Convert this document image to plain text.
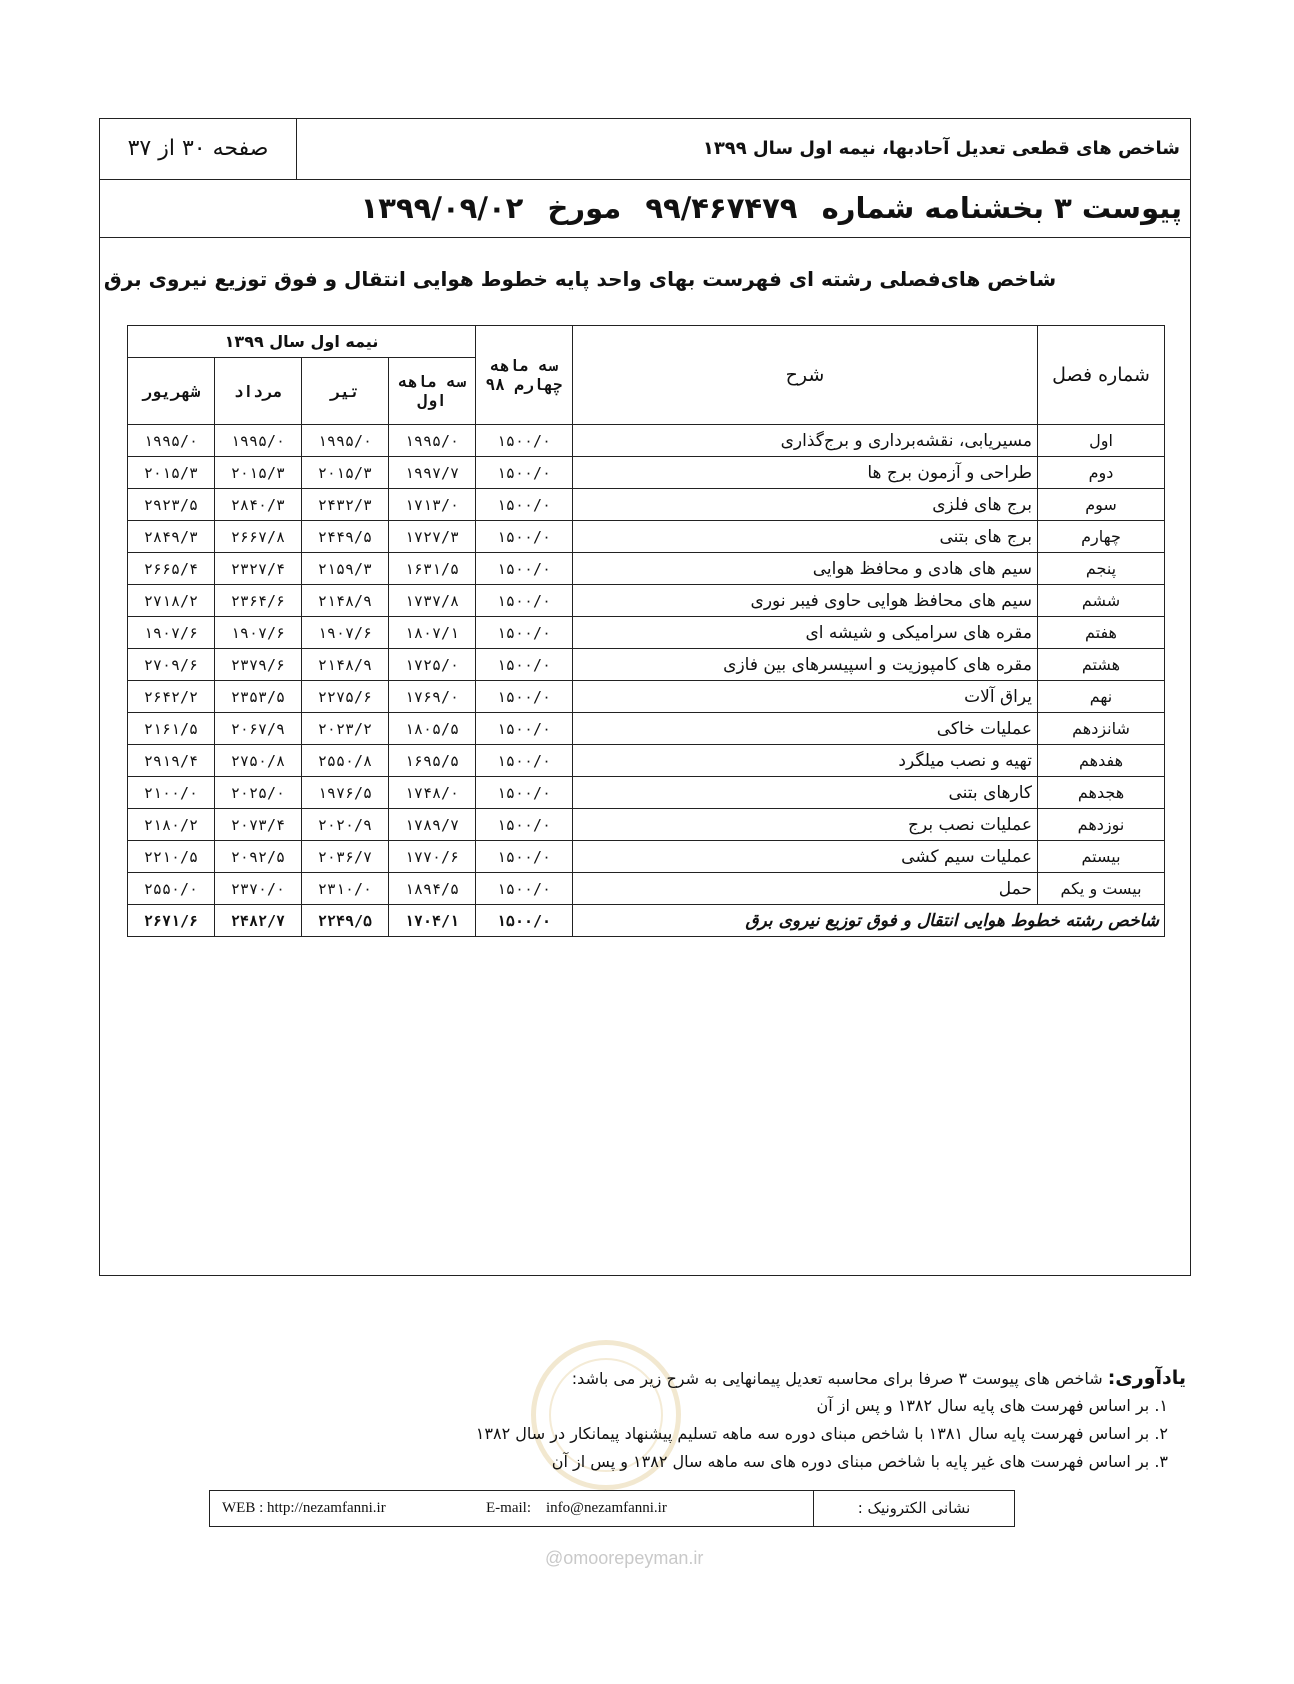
شاخص های قطعی تعدیل آحادبها، نیمه اول سال ۱۳۹۹
صفحه ۳۰ از ۳۷
پیوست ۳ بخشنامه شماره ۹۹/۴۶۷۴۷۹ مورخ ۱۳۹۹/۰۹/۰۲
شاخص های‌فصلی رشته ای فهرست بهای واحد پایه خطوط هوایی انتقال و فوق توزیع نیروی برق
شماره فصل	شرح	سه ماهه چهارم ۹۸	نیمه اول سال ۱۳۹۹			
			سه ماهه اول	تیر	مرداد	شهریور
اول	مسیریابی، نقشه‌برداری و برج‌گذاری	۱۵۰۰/۰	۱۹۹۵/۰	۱۹۹۵/۰	۱۹۹۵/۰	۱۹۹۵/۰
دوم	طراحی و آزمون برج ها	۱۵۰۰/۰	۱۹۹۷/۷	۲۰۱۵/۳	۲۰۱۵/۳	۲۰۱۵/۳
سوم	برج های فلزی	۱۵۰۰/۰	۱۷۱۳/۰	۲۴۳۲/۳	۲۸۴۰/۳	۲۹۲۳/۵
چهارم	برج های بتنی	۱۵۰۰/۰	۱۷۲۷/۳	۲۴۴۹/۵	۲۶۶۷/۸	۲۸۴۹/۳
پنجم	سیم های هادی و محافظ هوایی	۱۵۰۰/۰	۱۶۳۱/۵	۲۱۵۹/۳	۲۳۲۷/۴	۲۶۶۵/۴
ششم	سیم های محافظ هوایی حاوی فیبر نوری	۱۵۰۰/۰	۱۷۳۷/۸	۲۱۴۸/۹	۲۳۶۴/۶	۲۷۱۸/۲
هفتم	مقره های سرامیکی و شیشه ای	۱۵۰۰/۰	۱۸۰۷/۱	۱۹۰۷/۶	۱۹۰۷/۶	۱۹۰۷/۶
هشتم	مقره های کامپوزیت و اسپیسرهای بین فازی	۱۵۰۰/۰	۱۷۲۵/۰	۲۱۴۸/۹	۲۳۷۹/۶	۲۷۰۹/۶
نهم	یراق آلات	۱۵۰۰/۰	۱۷۶۹/۰	۲۲۷۵/۶	۲۳۵۳/۵	۲۶۴۲/۲
شانزدهم	عملیات خاکی	۱۵۰۰/۰	۱۸۰۵/۵	۲۰۲۳/۲	۲۰۶۷/۹	۲۱۶۱/۵
هفدهم	تهیه و نصب میلگرد	۱۵۰۰/۰	۱۶۹۵/۵	۲۵۵۰/۸	۲۷۵۰/۸	۲۹۱۹/۴
هجدهم	کارهای بتنی	۱۵۰۰/۰	۱۷۴۸/۰	۱۹۷۶/۵	۲۰۲۵/۰	۲۱۰۰/۰
نوزدهم	عملیات نصب برج	۱۵۰۰/۰	۱۷۸۹/۷	۲۰۲۰/۹	۲۰۷۳/۴	۲۱۸۰/۲
بیستم	عملیات سیم کشی	۱۵۰۰/۰	۱۷۷۰/۶	۲۰۳۶/۷	۲۰۹۲/۵	۲۲۱۰/۵
بیست و یکم	حمل	۱۵۰۰/۰	۱۸۹۴/۵	۲۳۱۰/۰	۲۳۷۰/۰	۲۵۵۰/۰
شاخص رشته خطوط هوایی انتقال و فوق توزیع نیروی برق		۱۵۰۰/۰	۱۷۰۴/۱	۲۲۴۹/۵	۲۴۸۲/۷	۲۶۷۱/۶
یادآوری: شاخص های پیوست ۳ صرفا برای محاسبه تعدیل پیمانهایی به شرح زیر می باشد:
۱. بر اساس فهرست های پایه سال ۱۳۸۲ و پس از آن
۲. بر اساس فهرست پایه سال ۱۳۸۱ با شاخص مبنای دوره سه ماهه تسلیم پیشنهاد پیمانکار در سال ۱۳۸۲
۳. بر اساس فهرست های غیر پایه با شاخص مبنای دوره های سه ماهه سال ۱۳۸۲ و پس از آن
نشانی الکترونیک :
E-mail: info@nezamfanni.ir
WEB : http://nezamfanni.ir
@omoorepeyman.ir
